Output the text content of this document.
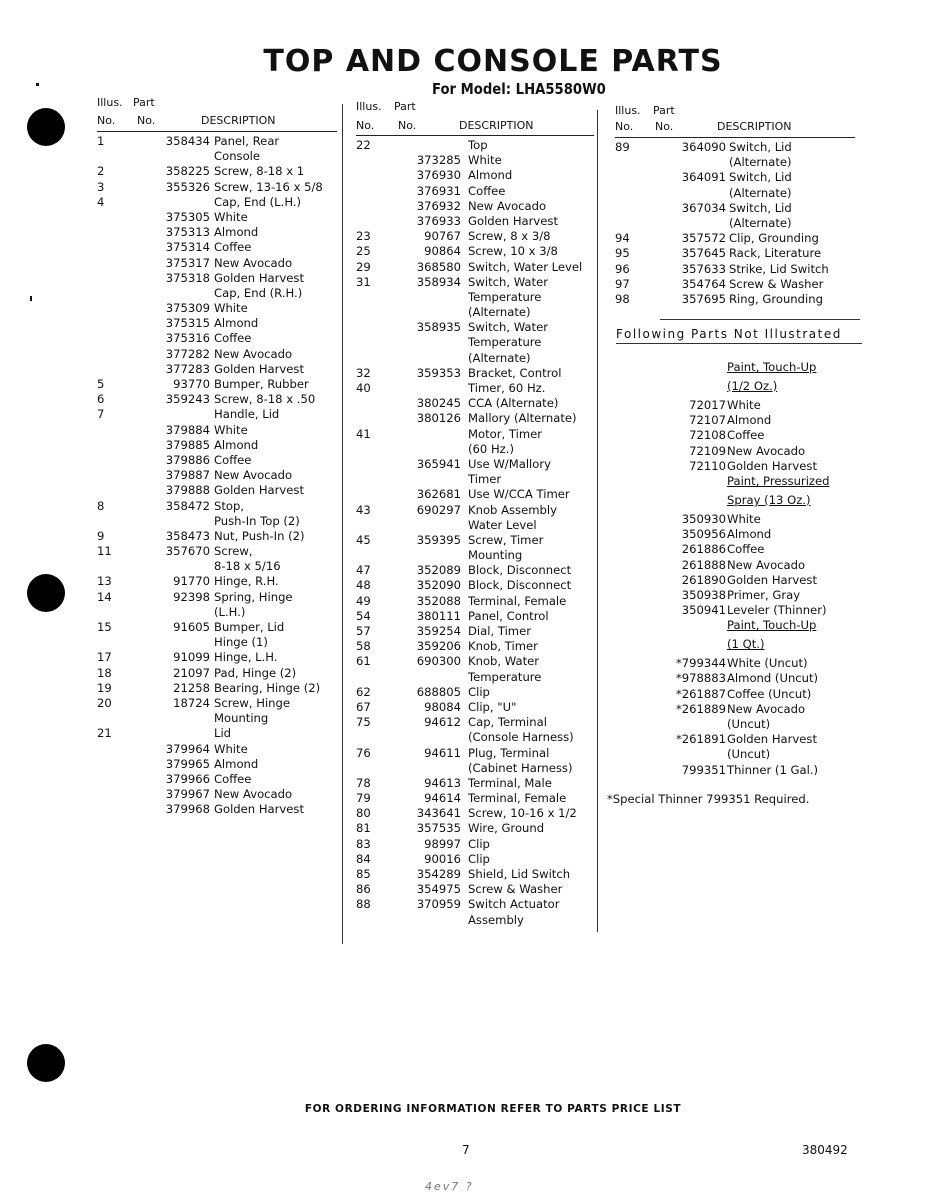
TOP AND CONSOLE PARTS
For Model: LHA5580W0
Illus. Part
No. No.	DESCRIPTION
1	358434 Panel, Rear
Console
2	358225 Screw, 8-18 x 1
3	355326 Screw, 13-16 x 5/8
4	Cap, End (L.H.)
375305 White
375313 Almond
375314 Coffee
375317 New Avocado
375318 Golden Harvest
Cap, End (R.H.)
375309 White
375315 Almond
375316 Coffee
377282 New Avocado
377283 Golden Harvest
5	93770 Bumper, Rubber
6	359243 Screw, 8-18 x .50
7	Handle, Lid
379884 White
379885 Almond
379886 Coffee
379887 New Avocado
379888 Golden Harvest
8	358472 Stop,
Push-In Top (2)
9	358473 Nut, Push-In (2)
11	357670 Screw,
8-18 x 5/16
13	91770 Hinge, R.H.
14	92398 Spring, Hinge
(L.H.)
15	91605 Bumper, Lid
Hinge (1)
17	91099 Hinge, L.H.
18	21097 Pad, Hinge (2)
19	21258 Bearing, Hinge (2)
20	18724 Screw, Hinge
Mounting
21	Lid
379964 White
379965 Almond
379966 Coffee
379967 New Avocado
379968 Golden Harvest
Illus. Part
No. No.	DESCRIPTION
22	Top
373285 White
376930 Almond
376931 Coffee
376932 New Avocado
376933 Golden Harvest
23	90767 Screw, 8 x 3/8
25	90864 Screw, 10 x 3/8
29	368580 Switch, Water Level
31	358934 Switch, Water
Temperature
(Alternate)
358935 Switch, Water
Temperature
(Alternate)
32	359353 Bracket, Control
40	Timer, 60 Hz.
380245 CCA (Alternate)
380126 Mallory (Alternate)
41	Motor, Timer
(60 Hz.)
365941 Use W/Mallory
Timer
362681 Use W/CCA Timer
43	690297 Knob Assembly
Water Level
45	359395 Screw, Timer
Mounting
47	352089 Block, Disconnect
48	352090 Block, Disconnect
49	352088 Terminal, Female
54	380111 Panel, Control
57	359254 Dial, Timer
58	359206 Knob, Timer
61	690300 Knob, Water
Temperature
62	688805 Clip
67	98084 Clip, "U"
75	94612 Cap, Terminal
(Console Harness)
76	94611 Plug, Terminal
(Cabinet Harness)
78	94613 Terminal, Male
79	94614 Terminal, Female
80	343641 Screw, 10-16 x 1/2
81	357535 Wire, Ground
83	98997 Clip
84	90016 Clip
85	354289 Shield, Lid Switch
86	354975 Screw & Washer
88	370959 Switch Actuator
Assembly
Illus. Part
No. No.	DESCRIPTION
89	364090 Switch, Lid
(Alternate)
364091 Switch, Lid
(Alternate)
367034 Switch, Lid
(Alternate)
94	357572 Clip, Grounding
95	357645 Rack, Literature
96	357633 Strike, Lid Switch
97	354764 Screw & Washer
98	357695 Ring, Grounding
Following Parts Not Illustrated
Paint, Touch-Up
(1/2 Oz.)
72017 White
72107 Almond
72108 Coffee
72109 New Avocado
72110 Golden Harvest
Paint, Pressurized
Spray (13 Oz.)
350930 White
350956 Almond
261886 Coffee
261888 New Avocado
261890 Golden Harvest
350938 Primer, Gray
350941 Leveler (Thinner)
Paint, Touch-Up
(1 Qt.)
*799344 White (Uncut)
*978883 Almond (Uncut)
*261887 Coffee (Uncut)
*261889 New Avocado
(Uncut)
*261891 Golden Harvest
(Uncut)
799351 Thinner (1 Gal.)
*Special Thinner 799351 Required.
FOR ORDERING INFORMATION REFER TO PARTS PRICE LIST
7	380492
4ev7 ?
